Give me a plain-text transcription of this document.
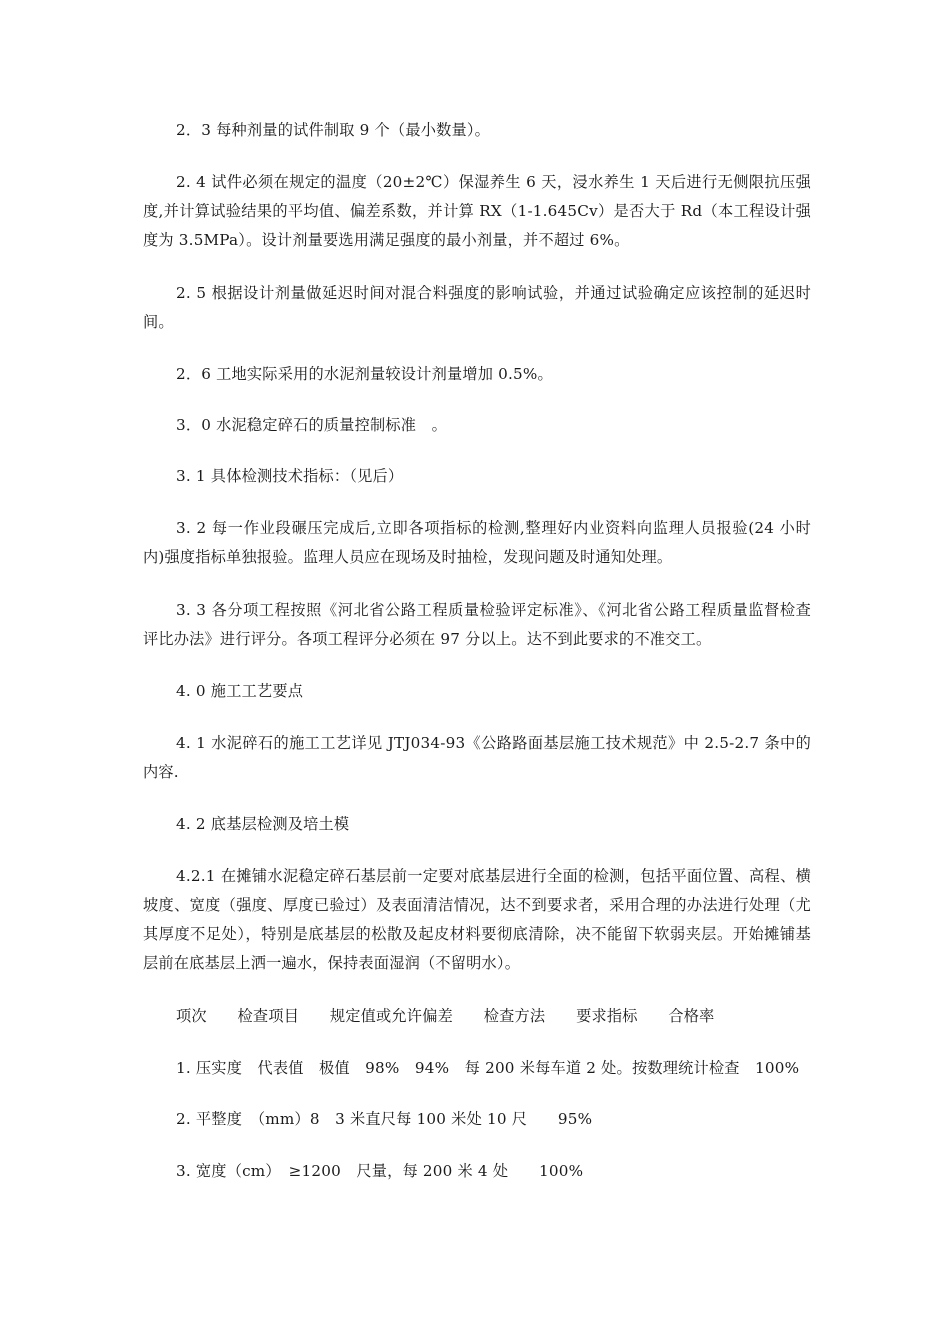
2．3 每种剂量的试件制取 9 个（最小数量）。

2. 4 试件必须在规定的温度（20±2℃）保湿养生 6 天，浸水养生 1 天后进行无侧限抗压强度,并计算试验结果的平均值、偏差系数，并计算 RX（1-1.645Cv）是否大于 Rd（本工程设计强度为 3.5MPa）。设计剂量要选用满足强度的最小剂量，并不超过 6%。

2. 5 根据设计剂量做延迟时间对混合料强度的影响试验，并通过试验确定应该控制的延迟时间。

2．6 工地实际采用的水泥剂量较设计剂量增加 0.5%。

3．0 水泥稳定碎石的质量控制标准　。

3. 1 具体检测技术指标：（见后）

3. 2 每一作业段碾压完成后,立即各项指标的检测,整理好内业资料向监理人员报验(24 小时内)强度指标单独报验。监理人员应在现场及时抽检，发现问题及时通知处理。

3. 3 各分项工程按照《河北省公路工程质量检验评定标准》、《河北省公路工程质量监督检查评比办法》进行评分。各项工程评分必须在 97 分以上。达不到此要求的不准交工。

4. 0 施工工艺要点

4. 1 水泥碎石的施工工艺详见 JTJ034-93《公路路面基层施工技术规范》中 2.5-2.7 条中的内容.

4. 2 底基层检测及培土模

4.2.1 在摊铺水泥稳定碎石基层前一定要对底基层进行全面的检测，包括平面位置、高程、横坡度、宽度（强度、厚度已验过）及表面清洁情况，达不到要求者，采用合理的办法进行处理（尤其厚度不足处），特别是底基层的松散及起皮材料要彻底清除，决不能留下软弱夹层。开始摊铺基层前在底基层上洒一遍水，保持表面湿润（不留明水）。

项次　　检查项目　　规定值或允许偏差　　检查方法　　要求指标　　合格率

1. 压实度　代表值　极值　98%　94%　每 200 米每车道 2 处。按数理统计检查　100%

2. 平整度　（mm）8　3 米直尺每 100 米处 10 尺　　95%

3. 宽度（cm）　≥1200　尺量，每 200 米 4 处　　100%
